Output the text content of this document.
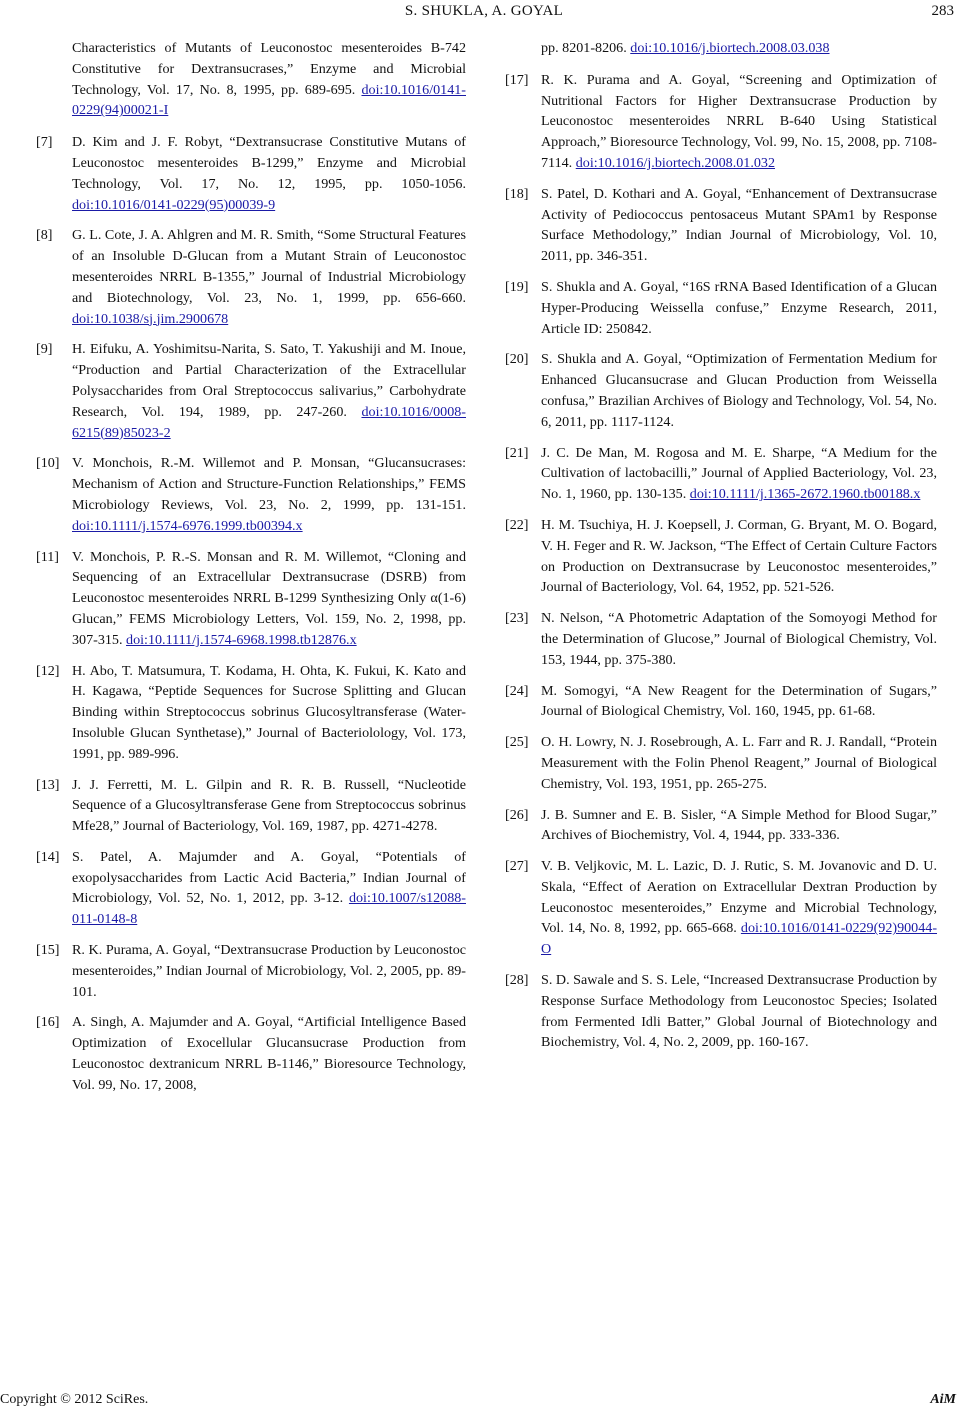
S. SHUKLA, A. GOYAL	283
Characteristics of Mutants of Leuconostoc mesenteroides B-742 Constitutive for Dextransucrases,” Enzyme and Microbial Technology, Vol. 17, No. 8, 1995, pp. 689-695. doi:10.1016/0141-0229(94)00021-I
[7] D. Kim and J. F. Robyt, “Dextransucrase Constitutive Mutans of Leuconostoc mesenteroides B-1299,” Enzyme and Microbial Technology, Vol. 17, No. 12, 1995, pp. 1050-1056. doi:10.1016/0141-0229(95)00039-9
[8] G. L. Cote, J. A. Ahlgren and M. R. Smith, “Some Structural Features of an Insoluble D-Glucan from a Mutant Strain of Leuconostoc mesenteroides NRRL B-1355,” Journal of Industrial Microbiology and Biotechnology, Vol. 23, No. 1, 1999, pp. 656-660. doi:10.1038/sj.jim.2900678
[9] H. Eifuku, A. Yoshimitsu-Narita, S. Sato, T. Yakushiji and M. Inoue, “Production and Partial Characterization of the Extracellular Polysaccharides from Oral Streptococcus salivarius,” Carbohydrate Research, Vol. 194, 1989, pp. 247-260. doi:10.1016/0008-6215(89)85023-2
[10] V. Monchois, R.-M. Willemot and P. Monsan, “Glucansucrases: Mechanism of Action and Structure-Function Relationships,” FEMS Microbiology Reviews, Vol. 23, No. 2, 1999, pp. 131-151. doi:10.1111/j.1574-6976.1999.tb00394.x
[11] V. Monchois, P. R.-S. Monsan and R. M. Willemot, “Cloning and Sequencing of an Extracellular Dextransucrase (DSRB) from Leuconostoc mesenteroides NRRL B-1299 Synthesizing Only α(1-6) Glucan,” FEMS Microbiology Letters, Vol. 159, No. 2, 1998, pp. 307-315. doi:10.1111/j.1574-6968.1998.tb12876.x
[12] H. Abo, T. Matsumura, T. Kodama, H. Ohta, K. Fukui, K. Kato and H. Kagawa, “Peptide Sequences for Sucrose Splitting and Glucan Binding within Streptococcus sobrinus Glucosyltransferase (Water-Insoluble Glucan Synthetase),” Journal of Bacteriolology, Vol. 173, 1991, pp. 989-996.
[13] J. J. Ferretti, M. L. Gilpin and R. R. B. Russell, “Nucleotide Sequence of a Glucosyltransferase Gene from Streptococcus sobrinus Mfe28,” Journal of Bacteriology, Vol. 169, 1987, pp. 4271-4278.
[14] S. Patel, A. Majumder and A. Goyal, “Potentials of exopolysaccharides from Lactic Acid Bacteria,” Indian Journal of Microbiology, Vol. 52, No. 1, 2012, pp. 3-12. doi:10.1007/s12088-011-0148-8
[15] R. K. Purama, A. Goyal, “Dextransucrase Production by Leuconostoc mesenteroides,” Indian Journal of Microbiology, Vol. 2, 2005, pp. 89-101.
[16] A. Singh, A. Majumder and A. Goyal, “Artificial Intelligence Based Optimization of Exocellular Glucansucrase Production from Leuconostoc dextranicum NRRL B-1146,” Bioresource Technology, Vol. 99, No. 17, 2008,
pp. 8201-8206. doi:10.1016/j.biortech.2008.03.038
[17] R. K. Purama and A. Goyal, “Screening and Optimization of Nutritional Factors for Higher Dextransucrase Production by Leuconostoc mesenteroides NRRL B-640 Using Statistical Approach,” Bioresource Technology, Vol. 99, No. 15, 2008, pp. 7108-7114. doi:10.1016/j.biortech.2008.01.032
[18] S. Patel, D. Kothari and A. Goyal, “Enhancement of Dextransucrase Activity of Pediococcus pentosaceus Mutant SPAm1 by Response Surface Methodology,” Indian Journal of Microbiology, Vol. 10, 2011, pp. 346-351.
[19] S. Shukla and A. Goyal, “16S rRNA Based Identification of a Glucan Hyper-Producing Weissella confuse,” Enzyme Research, 2011, Article ID: 250842.
[20] S. Shukla and A. Goyal, “Optimization of Fermentation Medium for Enhanced Glucansucrase and Glucan Production from Weissella confusa,” Brazilian Archives of Biology and Technology, Vol. 54, No. 6, 2011, pp. 1117-1124.
[21] J. C. De Man, M. Rogosa and M. E. Sharpe, “A Medium for the Cultivation of lactobacilli,” Journal of Applied Bacteriology, Vol. 23, No. 1, 1960, pp. 130-135. doi:10.1111/j.1365-2672.1960.tb00188.x
[22] H. M. Tsuchiya, H. J. Koepsell, J. Corman, G. Bryant, M. O. Bogard, V. H. Feger and R. W. Jackson, “The Effect of Certain Culture Factors on Production on Dextransucrase by Leuconostoc mesenteroides,” Journal of Bacteriology, Vol. 64, 1952, pp. 521-526.
[23] N. Nelson, “A Photometric Adaptation of the Somoyogi Method for the Determination of Glucose,” Journal of Biological Chemistry, Vol. 153, 1944, pp. 375-380.
[24] M. Somogyi, “A New Reagent for the Determination of Sugars,” Journal of Biological Chemistry, Vol. 160, 1945, pp. 61-68.
[25] O. H. Lowry, N. J. Rosebrough, A. L. Farr and R. J. Randall, “Protein Measurement with the Folin Phenol Reagent,” Journal of Biological Chemistry, Vol. 193, 1951, pp. 265-275.
[26] J. B. Sumner and E. B. Sisler, “A Simple Method for Blood Sugar,” Archives of Biochemistry, Vol. 4, 1944, pp. 333-336.
[27] V. B. Veljkovic, M. L. Lazic, D. J. Rutic, S. M. Jovanovic and D. U. Skala, “Effect of Aeration on Extracellular Dextran Production by Leuconostoc mesenteroides,” Enzyme and Microbial Technology, Vol. 14, No. 8, 1992, pp. 665-668. doi:10.1016/0141-0229(92)90044-O
[28] S. D. Sawale and S. S. Lele, “Increased Dextransucrase Production by Response Surface Methodology from Leuconostoc Species; Isolated from Fermented Idli Batter,” Global Journal of Biotechnology and Biochemistry, Vol. 4, No. 2, 2009, pp. 160-167.
Copyright © 2012 SciRes.	AiM
